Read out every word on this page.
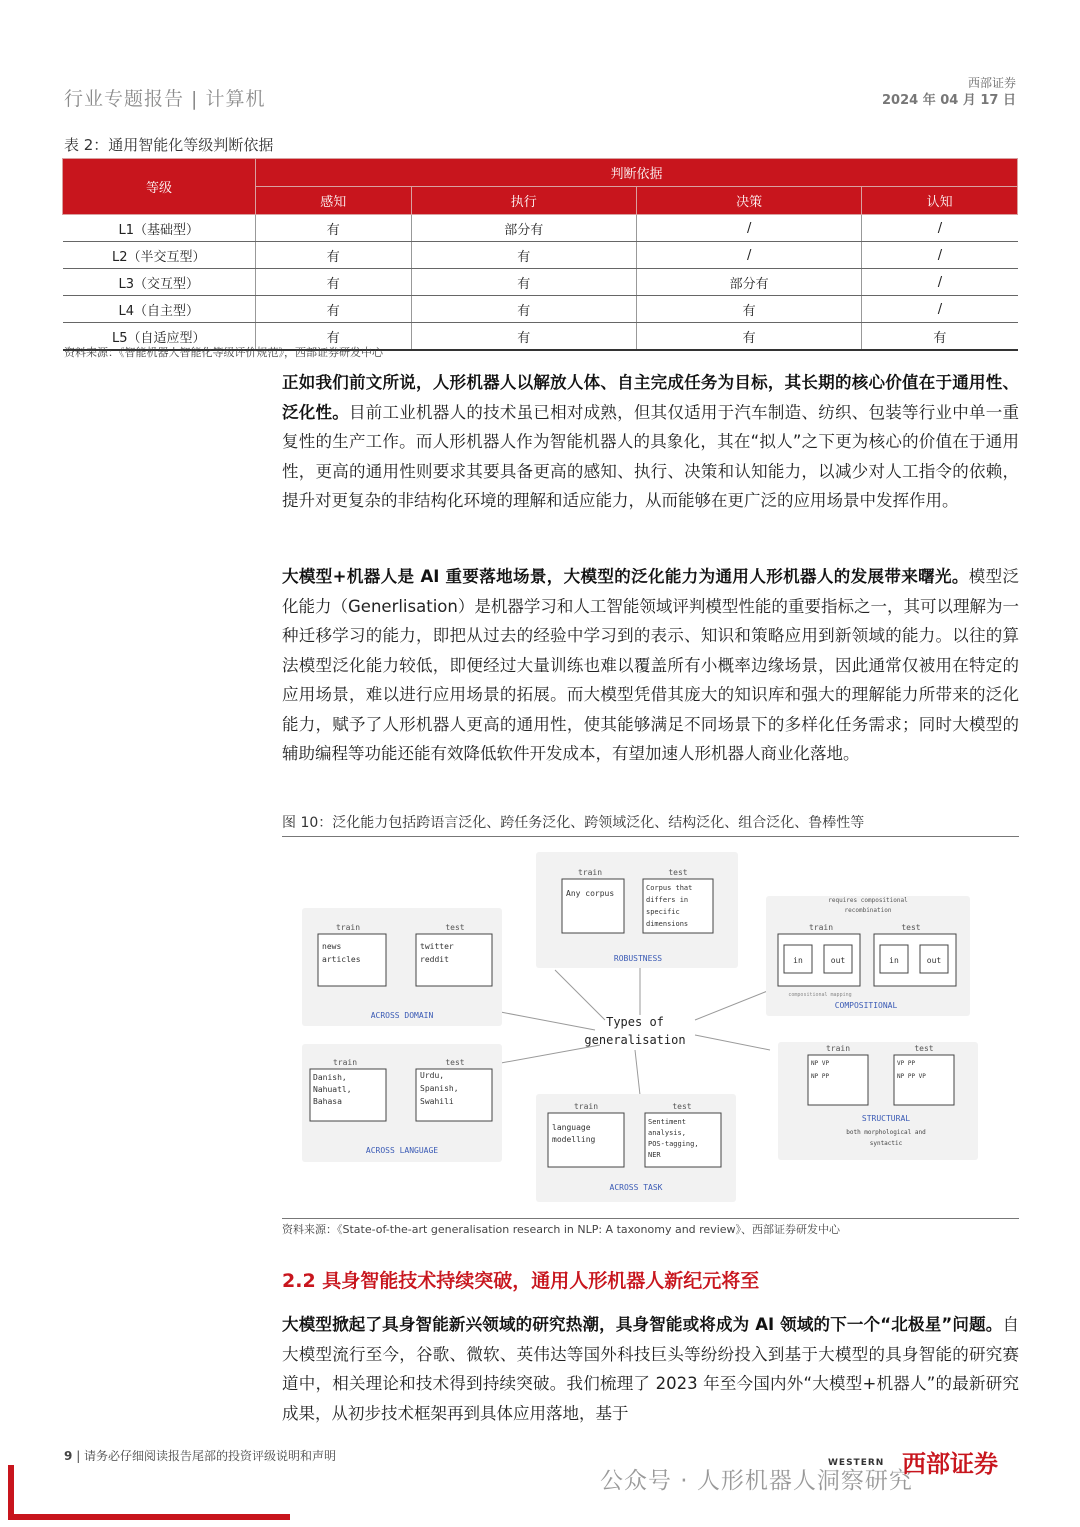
行业专题报告 | 计算机
西部证券
2024 年 04 月 17 日
表 2：通用智能化等级判断依据
等级	判断依据			
	感知	执行	决策	认知
L1（基础型）	有	部分有	/	/
L2（半交互型）	有	有	/	/
L3（交互型）	有	有	部分有	/
L4（自主型）	有	有	有	/
L5（自适应型）	有	有	有	有
资料来源：《智能机器人智能化等级评价规范》，西部证券研发中心
正如我们前文所说，人形机器人以解放人体、自主完成任务为目标，其长期的核心价值在于通用性、泛化性。目前工业机器人的技术虽已相对成熟，但其仅适用于汽车制造、纺织、包装等行业中单一重复性的生产工作。而人形机器人作为智能机器人的具象化，其在“拟人”之下更为核心的价值在于通用性，更高的通用性则要求其要具备更高的感知、执行、决策和认知能力，以减少对人工指令的依赖，提升对更复杂的非结构化环境的理解和适应能力，从而能够在更广泛的应用场景中发挥作用。
大模型+机器人是 AI 重要落地场景，大模型的泛化能力为通用人形机器人的发展带来曙光。模型泛化能力（Generlisation）是机器学习和人工智能领域评判模型性能的重要指标之一，其可以理解为一种迁移学习的能力，即把从过去的经验中学习到的表示、知识和策略应用到新领域的能力。以往的算法模型泛化能力较低，即便经过大量训练也难以覆盖所有小概率边缘场景，因此通常仅被用在特定的应用场景，难以进行应用场景的拓展。而大模型凭借其庞大的知识库和强大的理解能力所带来的泛化能力，赋予了人形机器人更高的通用性，使其能够满足不同场景下的多样化任务需求；同时大模型的辅助编程等功能还能有效降低软件开发成本，有望加速人形机器人商业化落地。
图 10：泛化能力包括跨语言泛化、跨任务泛化、跨领域泛化、结构泛化、组合泛化、鲁棒性等
Types of
generalisation
train	test
Any corpus
Corpus that
differs in
specific
dimensions
ROBUSTNESS
train	test
news
articles
twitter
reddit
ACROSS DOMAIN
requires compositional
recombination
train	test
in	out	in	out
compositional mapping
COMPOSITIONAL
train	test
Danish,
Nahuatl,
Bahasa
Urdu,
Spanish,
Swahili
ACROSS LANGUAGE
train	test
language
modelling
Sentiment
analysis,
POS-tagging,
NER
ACROSS TASK
train	test
NP VP
NP PP
VP PP
NP PP VP
STRUCTURAL
both morphological and
syntactic
资料来源：《State-of-the-art generalisation research in NLP: A taxonomy and review》、西部证券研发中心
2.2 具身智能技术持续突破，通用人形机器人新纪元将至
大模型掀起了具身智能新兴领域的研究热潮，具身智能或将成为 AI 领域的下一个“北极星”问题。自大模型流行至今，谷歌、微软、英伟达等国外科技巨头等纷纷投入到基于大模型的具身智能的研究赛道中，相关理论和技术得到持续突破。我们梳理了 2023 年至今国内外“大模型+机器人”的最新研究成果，从初步技术框架再到具体应用落地，基于
9 | 请务必仔细阅读报告尾部的投资评级说明和声明
公众号 · 人形机器人洞察研究
WESTERN 西部证券
